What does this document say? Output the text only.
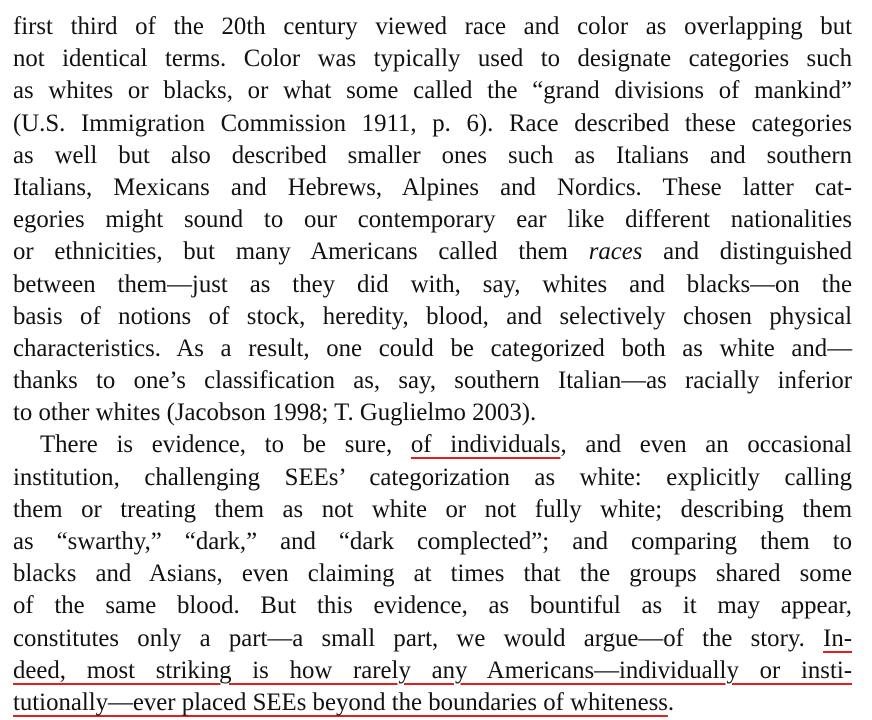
first third of the 20th century viewed race and color as overlapping but
not identical terms. Color was typically used to designate categories such
as whites or blacks, or what some called the “grand divisions of mankind”
(U.S. Immigration Commission 1911, p. 6). Race described these categories
as well but also described smaller ones such as Italians and southern
Italians, Mexicans and Hebrews, Alpines and Nordics. These latter cat-
egories might sound to our contemporary ear like different nationalities
or ethnicities, but many Americans called them races and distinguished
between them—just as they did with, say, whites and blacks—on the
basis of notions of stock, heredity, blood, and selectively chosen physical
characteristics. As a result, one could be categorized both as white and—
thanks to one’s classification as, say, southern Italian—as racially inferior
to other whites (Jacobson 1998; T. Guglielmo 2003).
There is evidence, to be sure, of individuals, and even an occasional
institution, challenging SEEs’ categorization as white: explicitly calling
them or treating them as not white or not fully white; describing them
as “swarthy,” “dark,” and “dark complected”; and comparing them to
blacks and Asians, even claiming at times that the groups shared some
of the same blood. But this evidence, as bountiful as it may appear,
constitutes only a part—a small part, we would argue—of the story. In-
deed, most striking is how rarely any Americans—individually or insti-
tutionally—ever placed SEEs beyond the boundaries of whiteness.
